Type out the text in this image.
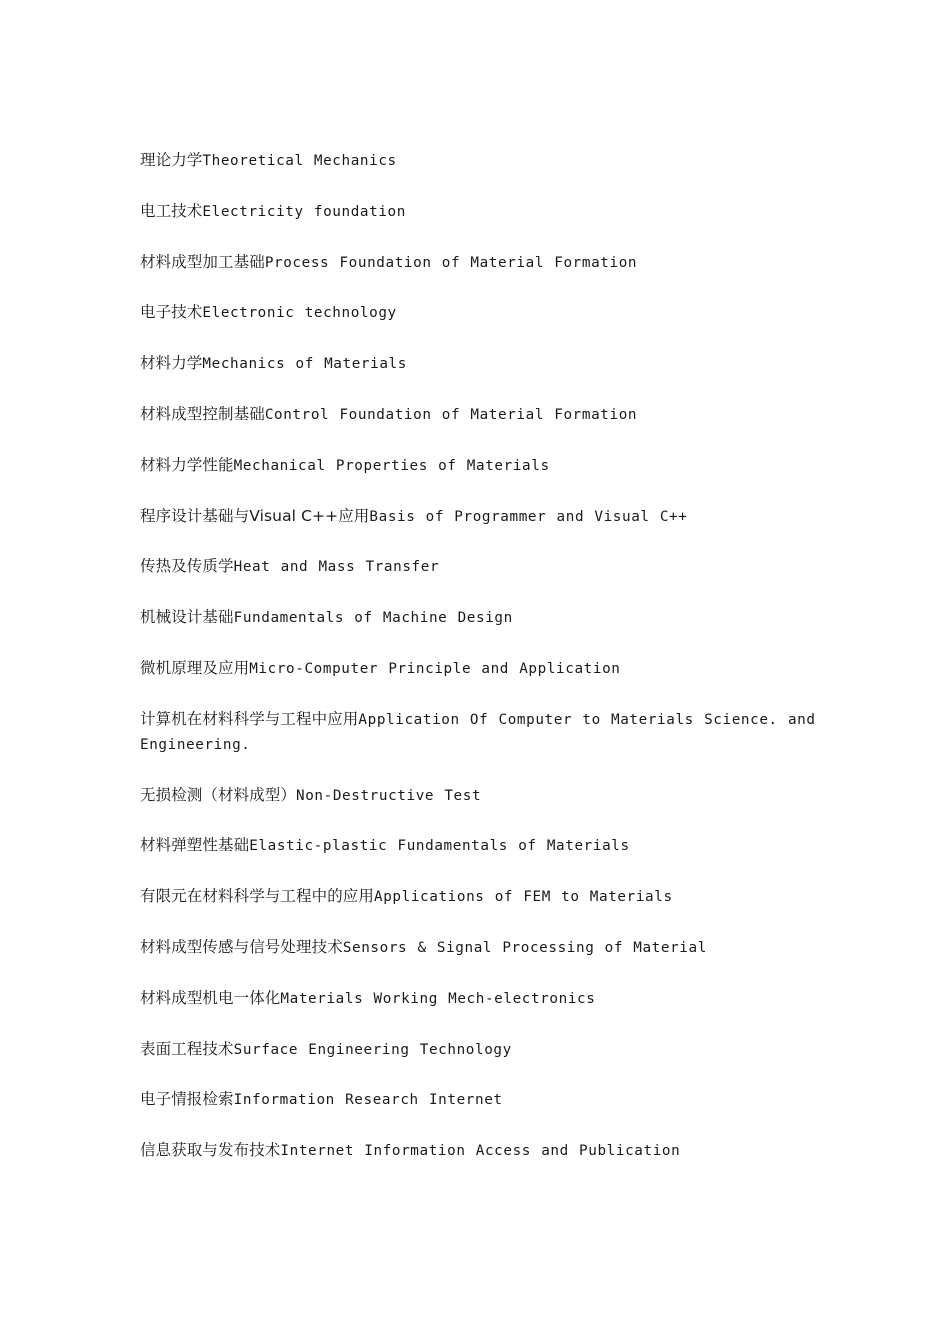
理论力学Theoretical Mechanics
电工技术Electricity foundation
材料成型加工基础Process Foundation of Material Formation
电子技术Electronic technology
材料力学Mechanics of Materials
材料成型控制基础Control Foundation of Material Formation
材料力学性能Mechanical Properties of Materials
程序设计基础与Visual C++应用Basis of Programmer and Visual C++
传热及传质学Heat and Mass Transfer
机械设计基础Fundamentals of Machine Design
微机原理及应用Micro-Computer Principle and Application
计算机在材料科学与工程中应用Application Of Computer to Materials Science. and Engineering.
无损检测（材料成型）Non-Destructive Test
材料弹塑性基础Elastic-plastic Fundamentals of Materials
有限元在材料科学与工程中的应用Applications of FEM to Materials
材料成型传感与信号处理技术Sensors & Signal Processing of Material
材料成型机电一体化Materials Working Mech-electronics
表面工程技术Surface Engineering Technology
电子情报检索Information Research Internet
信息获取与发布技术Internet Information Access and Publication
